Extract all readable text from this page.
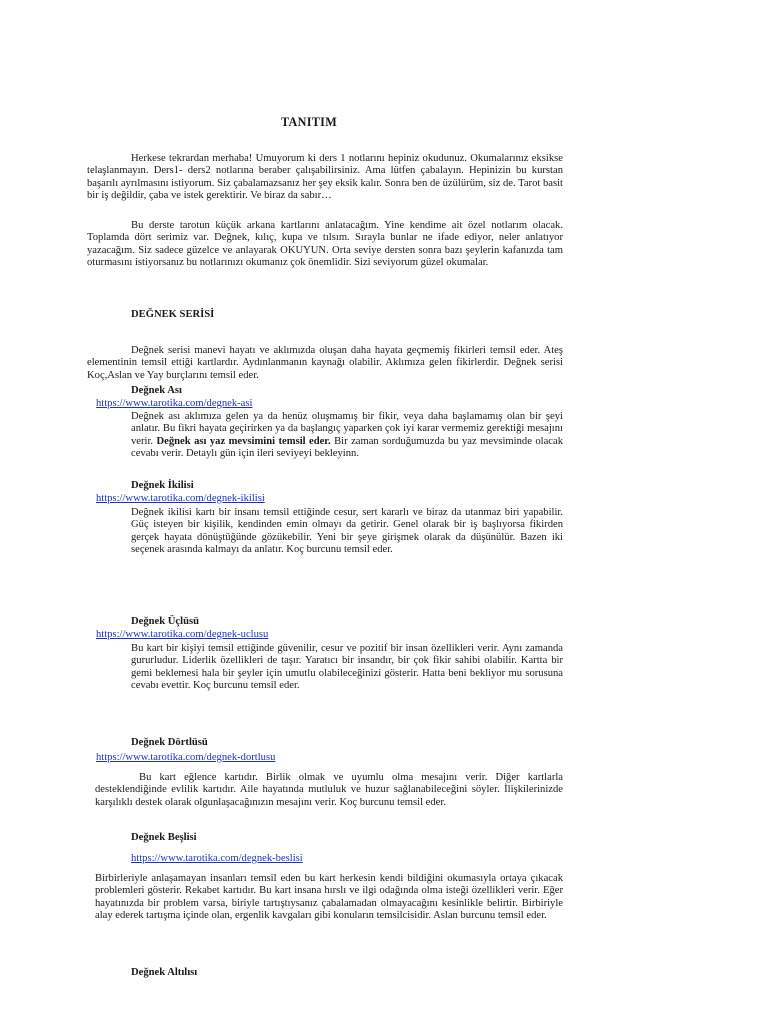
TANITIM

Herkese tekrardan merhaba! Umuyorum ki ders 1 notlarını hepiniz okudunuz. Okumalarınız eksikse telaşlanmayın. Ders1- ders2 notlarına beraber çalışabilirsiniz. Ama lütfen çabalayın. Hepinizin bu kurstan başarılı ayrılmasını istiyorum. Siz çabalamazsanız her şey eksik kalır. Sonra ben de üzülürüm, siz de. Tarot basit bir iş değildir, çaba ve istek gerektirir. Ve biraz da sabır…

Bu derste tarotun küçük arkana kartlarını anlatacağım. Yine kendime ait özel notlarım olacak. Toplamda dört serimiz var. Değnek, kılıç, kupa ve tılsım. Sırayla bunlar ne ifade ediyor, neler anlatıyor yazacağım. Siz sadece güzelce ve anlayarak OKUYUN. Orta seviye dersten sonra bazı şeylerin kafanızda tam oturmasını istiyorsanız bu notlarınızı okumanız çok önemlidir. Sizi seviyorum güzel okumalar.

DEĞNEK SERİSİ

Değnek serisi manevi hayatı ve aklımızda oluşan daha hayata geçmemiş fikirleri temsil eder. Ateş elementinin temsil ettiği kartlardır. Aydınlanmanın kaynağı olabilir. Aklımıza gelen fikirlerdir. Değnek serisi Koç,Aslan ve Yay burçlarını temsil eder.

Değnek Ası
https://www.tarotika.com/degnek-asi

Değnek ası aklımıza gelen ya da henüz oluşmamış bir fikir, veya daha başlamamış olan bir şeyi anlatır. Bu fikri hayata geçirirken ya da başlangıç yaparken çok iyi karar vermemiz gerektiği mesajını verir. Değnek ası yaz mevsimini temsil eder. Bir zaman sorduğumuzda bu yaz mevsiminde olacak cevabı verir. Detaylı gün için ileri seviyeyi bekleyinn.

Değnek İkilisi
https://www.tarotika.com/degnek-ikilisi

Değnek ikilisi kartı bir insanı temsil ettiğinde cesur, sert kararlı ve biraz da utanmaz biri yapabilir. Güç isteyen bir kişilik, kendinden emin olmayı da getirir. Genel olarak bir iş başlıyorsa fikirden gerçek hayata dönüştüğünde gözükebilir. Yeni bir şeye girişmek olarak da düşünülür. Bazen iki seçenek arasında kalmayı da anlatır. Koç burcunu temsil eder.

Değnek Üçlüsü
https://www.tarotika.com/degnek-uclusu

Bu kart bir kişiyi temsil ettiğinde güvenilir, cesur ve pozitif bir insan özellikleri verir. Aynı zamanda gururludur. Liderlik özellikleri de taşır. Yaratıcı bir insandır, bir çok fikir sahibi olabilir. Kartta bir gemi beklemesi hala bir şeyler için umutlu olabileceğinizi gösterir. Hatta beni bekliyor mu sorusuna cevabı evettir. Koç burcunu temsil eder.

Değnek Dörtlüsü
https://www.tarotika.com/degnek-dortlusu

Bu kart eğlence kartıdır. Birlik olmak ve uyumlu olma mesajını verir. Diğer kartlarla desteklendiğinde evlilik kartıdır. Aile hayatında mutluluk ve huzur sağlanabileceğini söyler. İlişkilerinizde karşılıklı destek olarak olgunlaşacağınızın mesajını verir. Koç burcunu temsil eder.

Değnek Beşlisi
https://www.tarotika.com/degnek-beslisi

Birbirleriyle anlaşamayan insanları temsil eden bu kart herkesin kendi bildiğini okumasıyla ortaya çıkacak problemleri gösterir. Rekabet kartıdır. Bu kart insana hırslı ve ilgi odağında olma isteği özellikleri verir. Eğer hayatınızda bir problem varsa, biriyle tartıştıysanız çabalamadan olmayacağını kesinlikle belirtir. Birbiriyle alay ederek tartışma içinde olan, ergenlik kavgaları gibi konuların temsilcisidir. Aslan burcunu temsil eder.

Değnek Altılısı
